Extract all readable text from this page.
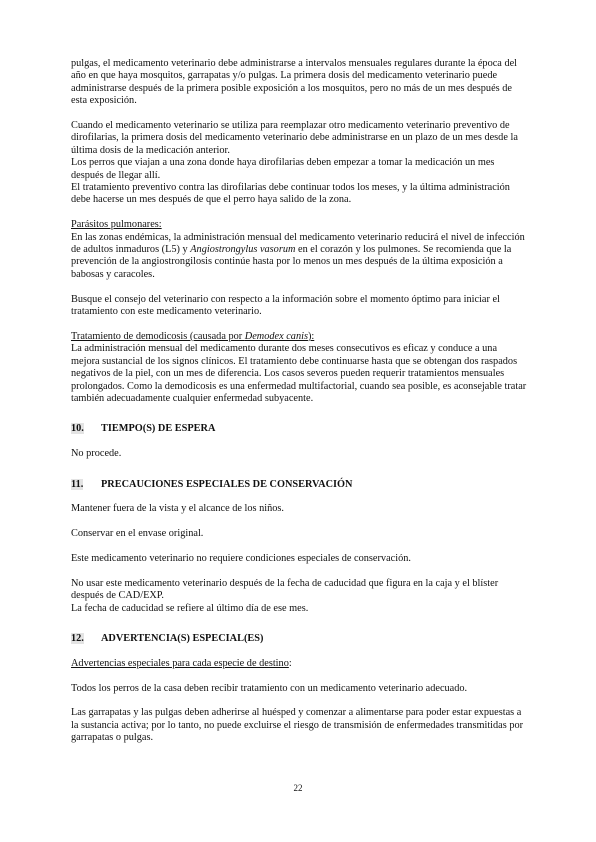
pulgas, el medicamento veterinario debe administrarse a intervalos mensuales regulares durante la época del año en que haya mosquitos, garrapatas y/o pulgas. La primera dosis del medicamento veterinario puede administrarse después de la primera posible exposición a los mosquitos, pero no más de un mes después de esta exposición.

Cuando el medicamento veterinario se utiliza para reemplazar otro medicamento veterinario preventivo de dirofilarias, la primera dosis del medicamento veterinario debe administrarse en un plazo de un mes desde la última dosis de la medicación anterior.

Los perros que viajan a una zona donde haya dirofilarias deben empezar a tomar la medicación un mes después de llegar allí.

El tratamiento preventivo contra las dirofilarias debe continuar todos los meses, y la última administración debe hacerse un mes después de que el perro haya salido de la zona.

Parásitos pulmonares:

En las zonas endémicas, la administración mensual del medicamento veterinario reducirá el nivel de infección de adultos inmaduros (L5) y Angiostrongylus vasorum en el corazón y los pulmones. Se recomienda que la prevención de la angiostrongilosis continúe hasta por lo menos un mes después de la última exposición a babosas y caracoles.

Busque el consejo del veterinario con respecto a la información sobre el momento óptimo para iniciar el tratamiento con este medicamento veterinario.

Tratamiento de demodicosis (causada por Demodex canis):

La administración mensual del medicamento durante dos meses consecutivos es eficaz y conduce a una mejora sustancial de los signos clínicos. El tratamiento debe continuarse hasta que se obtengan dos raspados negativos de la piel, con un mes de diferencia. Los casos severos pueden requerir tratamientos mensuales prolongados. Como la demodicosis es una enfermedad multifactorial, cuando sea posible, es aconsejable tratar también adecuadamente cualquier enfermedad subyacente.

10.	TIEMPO(S) DE ESPERA

No procede.

11.	PRECAUCIONES ESPECIALES DE CONSERVACIÓN

Mantener fuera de la vista y el alcance de los niños.

Conservar en el envase original.

Este medicamento veterinario no requiere condiciones especiales de conservación.

No usar este medicamento veterinario después de la fecha de caducidad que figura en la caja y el blíster después de CAD/EXP.

La fecha de caducidad se refiere al último día de ese mes.

12.	ADVERTENCIA(S) ESPECIAL(ES)

Advertencias especiales para cada especie de destino:

Todos los perros de la casa deben recibir tratamiento con un medicamento veterinario adecuado.

Las garrapatas y las pulgas deben adherirse al huésped y comenzar a alimentarse para poder estar expuestas a la sustancia activa; por lo tanto, no puede excluirse el riesgo de transmisión de enfermedades transmitidas por garrapatas o pulgas.

22
